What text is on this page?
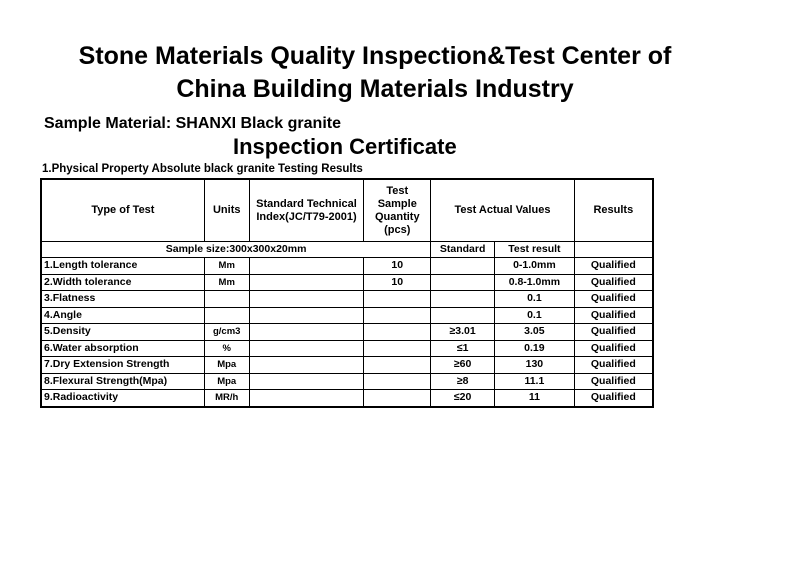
Stone Materials Quality Inspection&Test Center of
China Building Materials Industry
Sample Material: SHANXI Black granite
Inspection Certificate
1.Physical Property Absolute black granite Testing Results
Type of Test	Units	Standard Technical Index(JC/T79-2001)	Test Sample Quantity (pcs)	Test Actual Values		Results
Sample size:300x300x20mm				Standard	Test result	
1.Length tolerance	Mm		10		0-1.0mm	Qualified
2.Width tolerance	Mm		10		0.8-1.0mm	Qualified
3.Flatness					0.1	Qualified
4.Angle					0.1	Qualified
5.Density	g/cm3			≥3.01	3.05	Qualified
6.Water absorption	%			≤1	0.19	Qualified
7.Dry Extension Strength	Mpa			≥60	130	Qualified
8.Flexural Strength(Mpa)	Mpa			≥8	11.1	Qualified
9.Radioactivity	MR/h			≤20	11	Qualified
